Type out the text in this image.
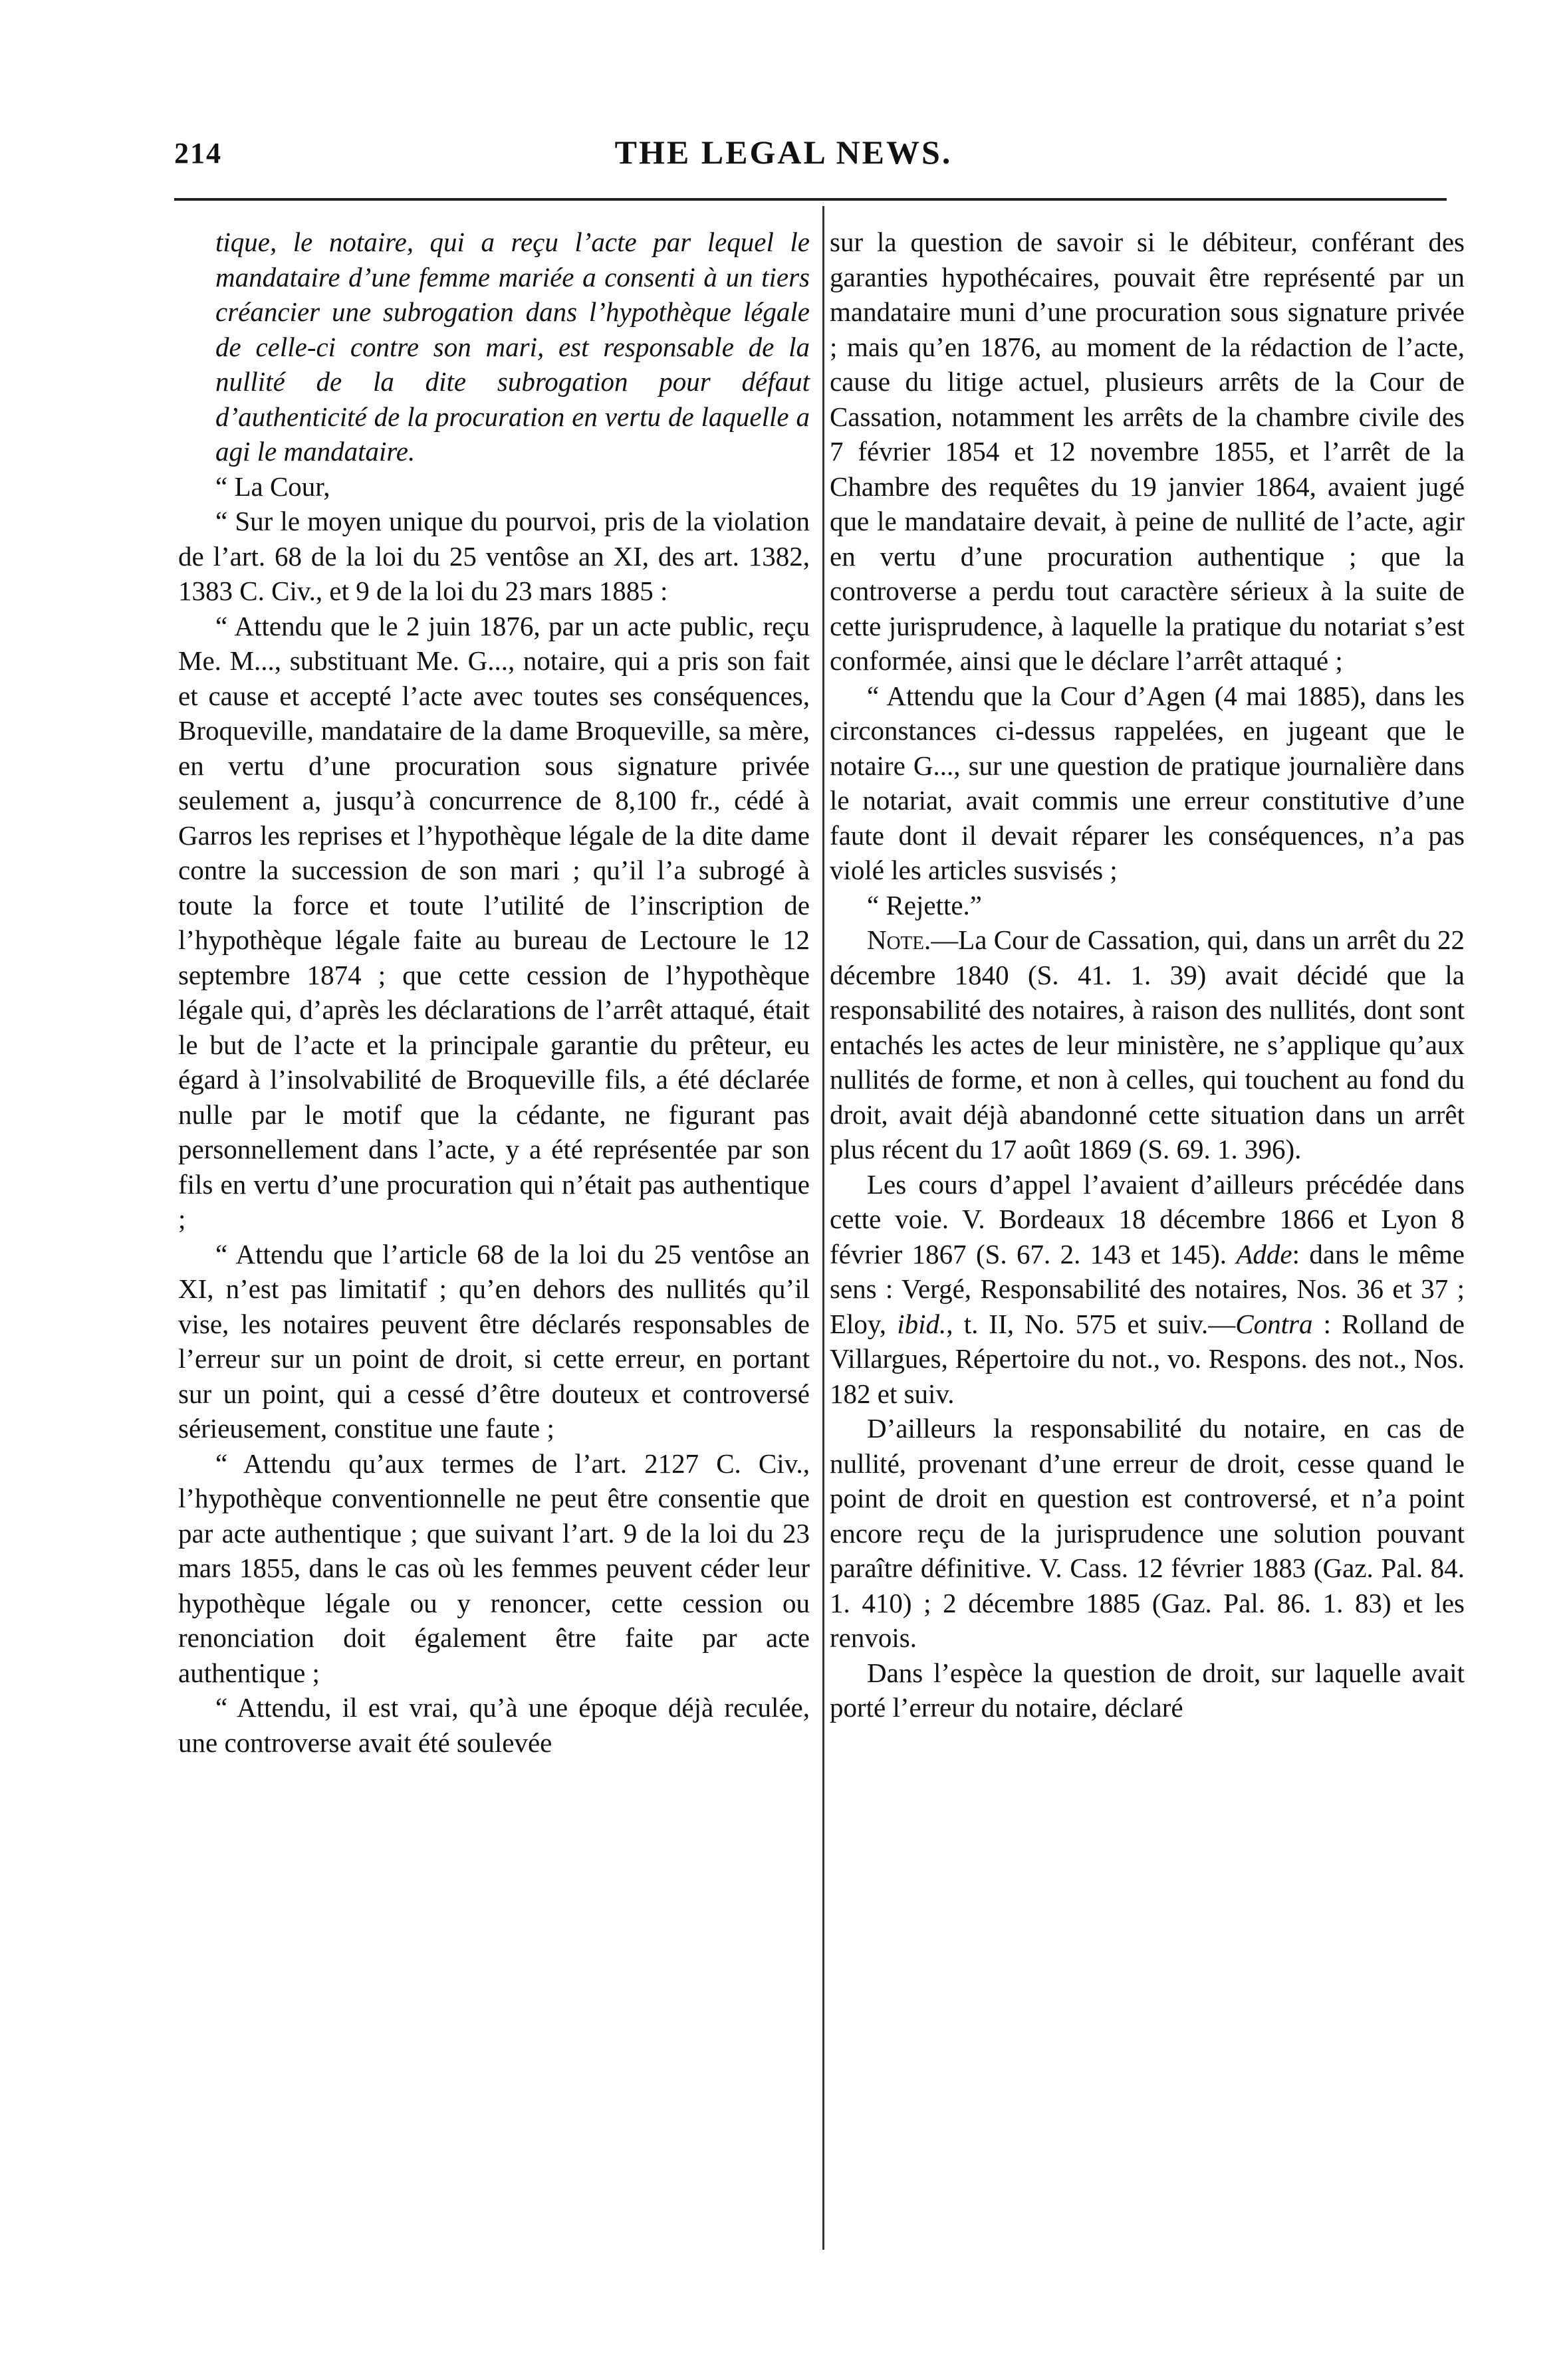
214	THE LEGAL NEWS.

tique, le notaire, qui a reçu l’acte par lequel le mandataire d’une femme mariée a consenti à un tiers créancier une subrogation dans l’hypothèque légale de celle-ci contre son mari, est responsable de la nullité de la dite subrogation pour défaut d’authenticité de la procuration en vertu de laquelle a agi le mandataire.

“ La Cour,

“ Sur le moyen unique du pourvoi, pris de la violation de l’art. 68 de la loi du 25 ventôse an XI, des art. 1382, 1383 C. Civ., et 9 de la loi du 23 mars 1885 :

“ Attendu que le 2 juin 1876, par un acte public, reçu Me. M..., substituant Me. G..., notaire, qui a pris son fait et cause et accepté l’acte avec toutes ses conséquences, Broqueville, mandataire de la dame Broqueville, sa mère, en vertu d’une procuration sous signature privée seulement a, jusqu’à concurrence de 8,100 fr., cédé à Garros les reprises et l’hypothèque légale de la dite dame contre la succession de son mari ; qu’il l’a subrogé à toute la force et toute l’utilité de l’inscription de l’hypothèque légale faite au bureau de Lectoure le 12 septembre 1874 ; que cette cession de l’hypothèque légale qui, d’après les déclarations de l’arrêt attaqué, était le but de l’acte et la principale garantie du prêteur, eu égard à l’insolvabilité de Broqueville fils, a été déclarée nulle par le motif que la cédante, ne figurant pas personnellement dans l’acte, y a été représentée par son fils en vertu d’une procuration qui n’était pas authentique ;

“ Attendu que l’article 68 de la loi du 25 ventôse an XI, n’est pas limitatif ; qu’en dehors des nullités qu’il vise, les notaires peuvent être déclarés responsables de l’erreur sur un point de droit, si cette erreur, en portant sur un point, qui a cessé d’être douteux et controversé sérieusement, constitue une faute ;

“ Attendu qu’aux termes de l’art. 2127 C. Civ., l’hypothèque conventionnelle ne peut être consentie que par acte authentique ; que suivant l’art. 9 de la loi du 23 mars 1855, dans le cas où les femmes peuvent céder leur hypothèque légale ou y renoncer, cette cession ou renonciation doit également être faite par acte authentique ;

“ Attendu, il est vrai, qu’à une époque déjà reculée, une controverse avait été soulevée

sur la question de savoir si le débiteur, conférant des garanties hypothécaires, pouvait être représenté par un mandataire muni d’une procuration sous signature privée ; mais qu’en 1876, au moment de la rédaction de l’acte, cause du litige actuel, plusieurs arrêts de la Cour de Cassation, notamment les arrêts de la chambre civile des 7 février 1854 et 12 novembre 1855, et l’arrêt de la Chambre des requêtes du 19 janvier 1864, avaient jugé que le mandataire devait, à peine de nullité de l’acte, agir en vertu d’une procuration authentique ; que la controverse a perdu tout caractère sérieux à la suite de cette jurisprudence, à laquelle la pratique du notariat s’est conformée, ainsi que le déclare l’arrêt attaqué ;

“ Attendu que la Cour d’Agen (4 mai 1885), dans les circonstances ci-dessus rappelées, en jugeant que le notaire G..., sur une question de pratique journalière dans le notariat, avait commis une erreur constitutive d’une faute dont il devait réparer les conséquences, n’a pas violé les articles susvisés ;

“ Rejette.”

Note.—La Cour de Cassation, qui, dans un arrêt du 22 décembre 1840 (S. 41. 1. 39) avait décidé que la responsabilité des notaires, à raison des nullités, dont sont entachés les actes de leur ministère, ne s’applique qu’aux nullités de forme, et non à celles, qui touchent au fond du droit, avait déjà abandonné cette situation dans un arrêt plus récent du 17 août 1869 (S. 69. 1. 396).

Les cours d’appel l’avaient d’ailleurs précédée dans cette voie. V. Bordeaux 18 décembre 1866 et Lyon 8 février 1867 (S. 67. 2. 143 et 145). Adde: dans le même sens : Vergé, Responsabilité des notaires, Nos. 36 et 37 ; Eloy, ibid., t. II, No. 575 et suiv.—Contra : Rolland de Villargues, Répertoire du not., vo. Respons. des not., Nos. 182 et suiv.

D’ailleurs la responsabilité du notaire, en cas de nullité, provenant d’une erreur de droit, cesse quand le point de droit en question est controversé, et n’a point encore reçu de la jurisprudence une solution pouvant paraître définitive. V. Cass. 12 février 1883 (Gaz. Pal. 84. 1. 410) ; 2 décembre 1885 (Gaz. Pal. 86. 1. 83) et les renvois.

Dans l’espèce la question de droit, sur laquelle avait porté l’erreur du notaire, déclaré
